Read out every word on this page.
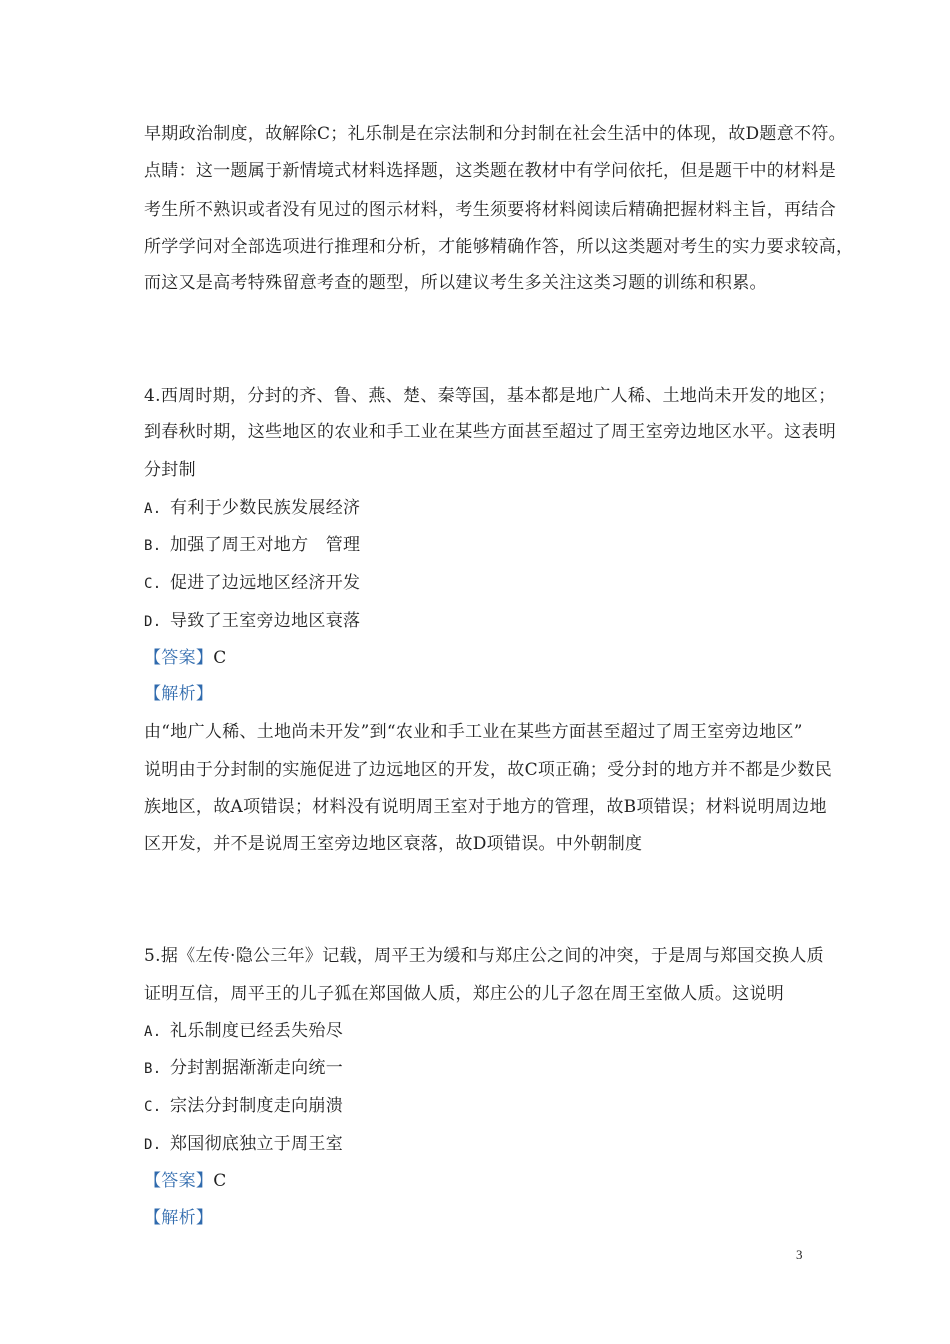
早期政治制度，故解除C；礼乐制是在宗法制和分封制在社会生活中的体现，故D题意不符。
点睛：这一题属于新情境式材料选择题，这类题在教材中有学问依托，但是题干中的材料是
考生所不熟识或者没有见过的图示材料，考生须要将材料阅读后精确把握材料主旨，再结合
所学学问对全部选项进行推理和分析，才能够精确作答，所以这类题对考生的实力要求较高，
而这又是高考特殊留意考查的题型，所以建议考生多关注这类习题的训练和积累。
4.西周时期，分封的齐、鲁、燕、楚、秦等国，基本都是地广人稀、土地尚未开发的地区；
到春秋时期，这些地区的农业和手工业在某些方面甚至超过了周王室旁边地区水平。这表明
分封制
A. 有利于少数民族发展经济
B. 加强了周王对地方　管理
C. 促进了边远地区经济开发
D. 导致了王室旁边地区衰落
【答案】C
【解析】
由“地广人稀、土地尚未开发”到“农业和手工业在某些方面甚至超过了周王室旁边地区”
说明由于分封制的实施促进了边远地区的开发，故C项正确；受分封的地方并不都是少数民
族地区，故A项错误；材料没有说明周王室对于地方的管理，故B项错误；材料说明周边地
区开发，并不是说周王室旁边地区衰落，故D项错误。中外朝制度
5.据《左传·隐公三年》记载，周平王为缓和与郑庄公之间的冲突，于是周与郑国交换人质
证明互信，周平王的儿子狐在郑国做人质，郑庄公的儿子忽在周王室做人质。这说明
A. 礼乐制度已经丢失殆尽
B. 分封割据渐渐走向统一
C. 宗法分封制度走向崩溃
D. 郑国彻底独立于周王室
【答案】C
【解析】
3
